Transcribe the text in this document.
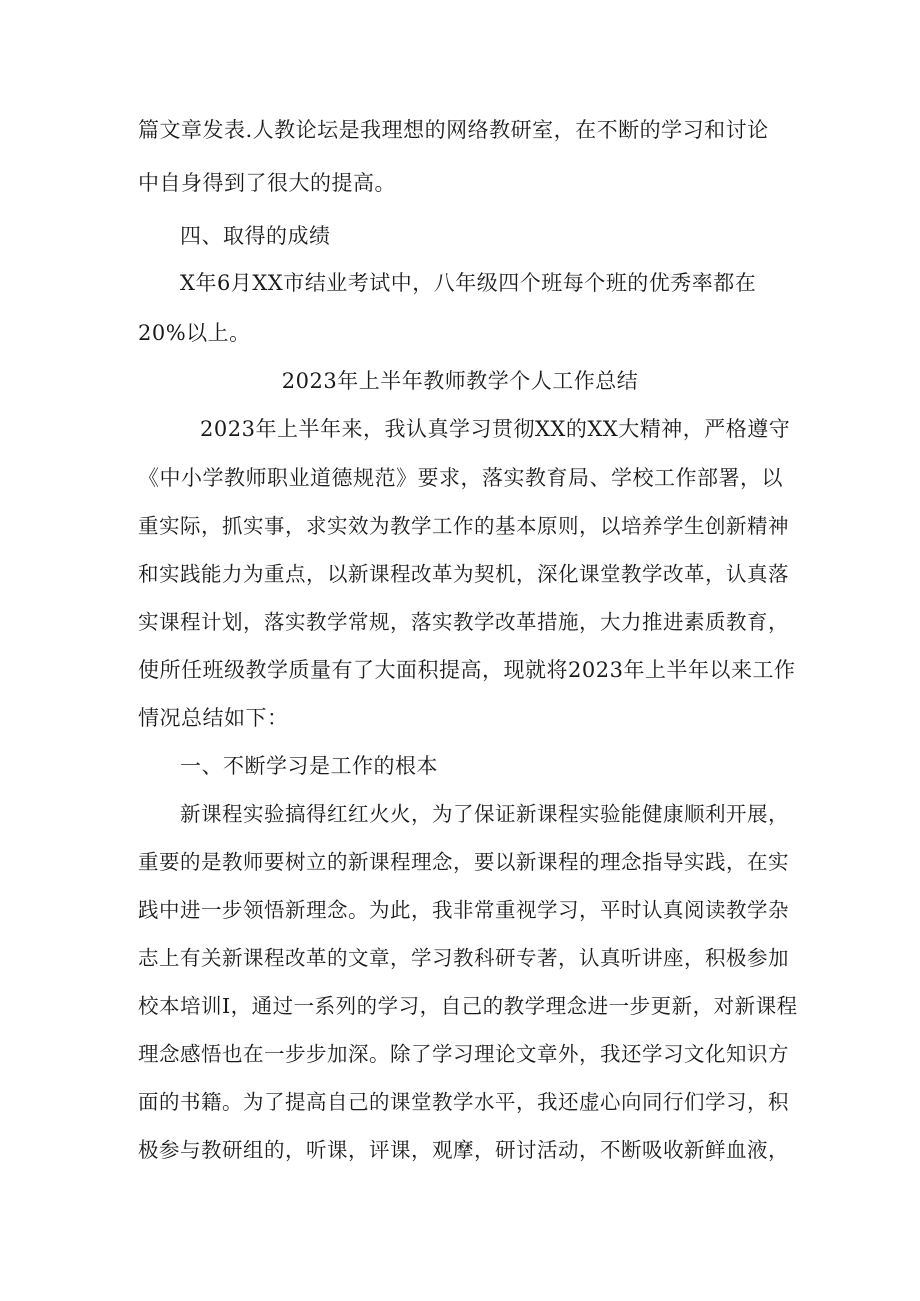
篇文章发表.人教论坛是我理想的网络教研室，在不断的学习和讨论
中自身得到了很大的提高。
四、取得的成绩
X年6月XX市结业考试中，八年级四个班每个班的优秀率都在
20%以上。
2023年上半年教师教学个人工作总结
2023年上半年来，我认真学习贯彻XX的XX大精神，严格遵守
《中小学教师职业道德规范》要求，落实教育局、学校工作部署，以
重实际，抓实事，求实效为教学工作的基本原则，以培养学生创新精神
和实践能力为重点，以新课程改革为契机，深化课堂教学改革，认真落
实课程计划，落实教学常规，落实教学改革措施，大力推进素质教育，
使所任班级教学质量有了大面积提高，现就将2023年上半年以来工作
情况总结如下：
一、不断学习是工作的根本
新课程实验搞得红红火火，为了保证新课程实验能健康顺利开展，
重要的是教师要树立的新课程理念，要以新课程的理念指导实践，在实
践中进一步领悟新理念。为此，我非常重视学习，平时认真阅读教学杂
志上有关新课程改革的文章，学习教科研专著，认真听讲座，积极参加
校本培训I，通过一系列的学习，自己的教学理念进一步更新，对新课程
理念感悟也在一步步加深。除了学习理论文章外，我还学习文化知识方
面的书籍。为了提高自己的课堂教学水平，我还虚心向同行们学习，积
极参与教研组的，听课，评课，观摩，研讨活动，不断吸收新鲜血液，
